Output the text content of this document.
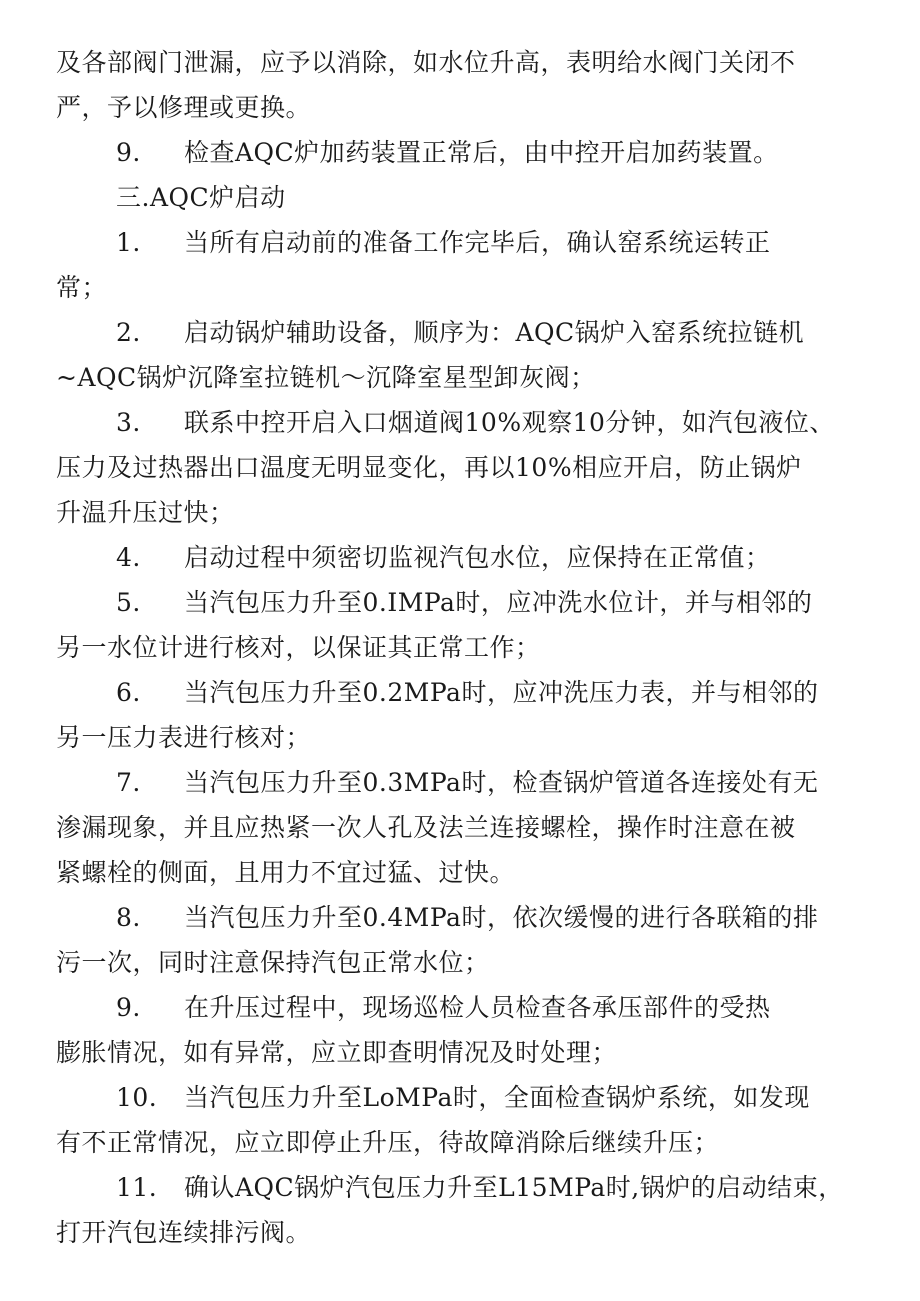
及各部阀门泄漏，应予以消除，如水位升高，表明给水阀门关闭不
严，予以修理或更换。
9. 检查AQC炉加药装置正常后，由中控开启加药装置。
三.AQC炉启动
1. 当所有启动前的准备工作完毕后，确认窑系统运转正
常；
2. 启动锅炉辅助设备，顺序为：AQC锅炉入窑系统拉链机
~AQC锅炉沉降室拉链机～沉降室星型卸灰阀；
3. 联系中控开启入口烟道阀10%观察10分钟，如汽包液位、
压力及过热器出口温度无明显变化，再以10%相应开启，防止锅炉
升温升压过快；
4. 启动过程中须密切监视汽包水位，应保持在正常值；
5. 当汽包压力升至0.IMPa时，应冲洗水位计，并与相邻的
另一水位计进行核对，以保证其正常工作；
6. 当汽包压力升至0.2MPa时，应冲洗压力表，并与相邻的
另一压力表进行核对；
7. 当汽包压力升至0.3MPa时，检查锅炉管道各连接处有无
渗漏现象，并且应热紧一次人孔及法兰连接螺栓，操作时注意在被
紧螺栓的侧面，且用力不宜过猛、过快。
8. 当汽包压力升至0.4MPa时，依次缓慢的进行各联箱的排
污一次，同时注意保持汽包正常水位；
9. 在升压过程中，现场巡检人员检查各承压部件的受热
膨胀情况，如有异常，应立即查明情况及时处理；
10. 当汽包压力升至LoMPa时，全面检查锅炉系统，如发现
有不正常情况，应立即停止升压，待故障消除后继续升压；
11. 确认AQC锅炉汽包压力升至L15MPa时,锅炉的启动结束，
打开汽包连续排污阀。
